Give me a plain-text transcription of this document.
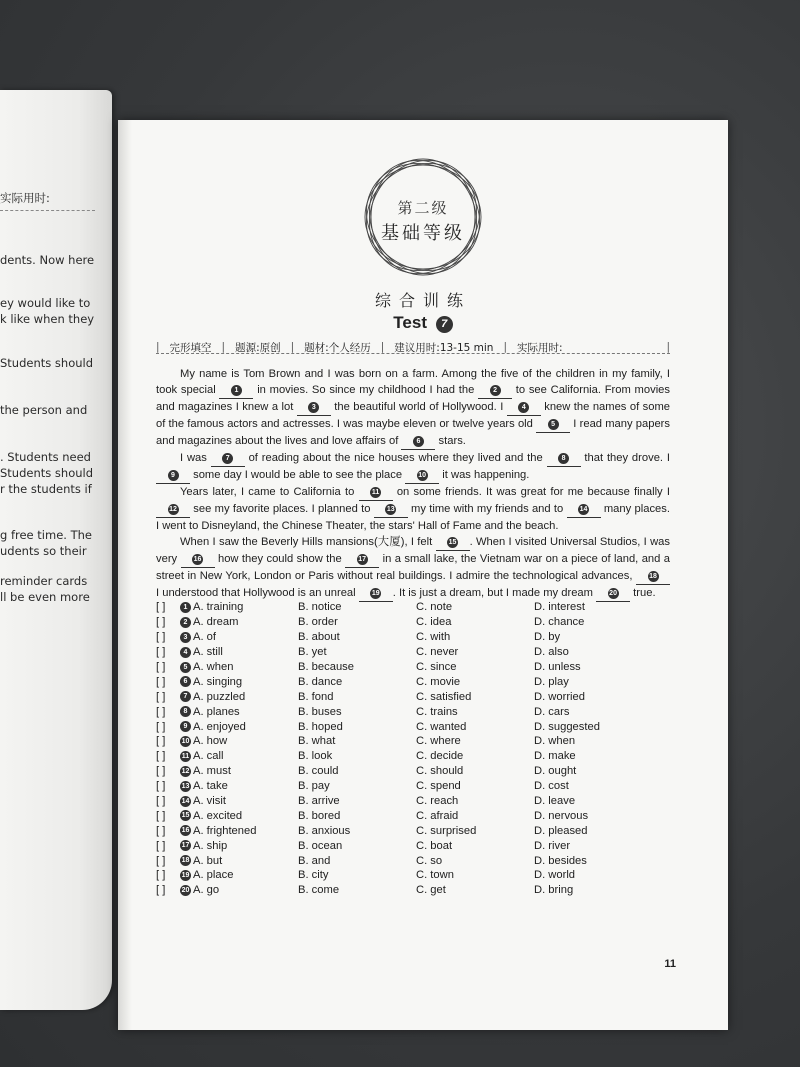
实际用时:
dents. Now here
ey would like to
k like when they
Students should
the person and
. Students need
Students should
r the students if
g free time. The
udents so their
reminder cards
ll be even more
第二级
基础等级
综合训练
Test 7
| 完形填空 | 题源:原创 | 题材:个人经历 | 建议用时:13-15 min | 实际用时:	|

My name is Tom Brown and I was born on a farm. Among the five of the children in my family, I took special 1 in movies. So since my childhood I had the 2 to see California. From movies and magazines I knew a lot 3 the beautiful world of Hollywood. I 4 knew the names of some of the famous actors and actresses. I was maybe eleven or twelve years old 5 I read many papers and magazines about the lives and love affairs of 6 stars.

I was 7 of reading about the nice houses where they lived and the 8 that they drove. I 9 some day I would be able to see the place 10 it was happening.

Years later, I came to California to 11 on some friends. It was great for me because finally I 12 see my favorite places. I planned to 13 my time with my friends and to 14 many places. I went to Disneyland, the Chinese Theater, the stars' Hall of Fame and the beach.

When I saw the Beverly Hills mansions(大厦), I felt 15 . When I visited Universal Studios, I was very 16 how they could show the 17 in a small lake, the Vietnam war on a piece of land, and a street in New York, London or Paris without real buildings. I admire the technological advances, 18 I understood that Hollywood is an unreal 19 . It is just a dream, but I made my dream 20 true.

[ ]	1 A. training	B. notice	C. note	D. interest
[ ]	2 A. dream	B. order	C. idea	D. chance
[ ]	3 A. of	B. about	C. with	D. by
[ ]	4 A. still	B. yet	C. never	D. also
[ ]	5 A. when	B. because	C. since	D. unless
[ ]	6 A. singing	B. dance	C. movie	D. play
[ ]	7 A. puzzled	B. fond	C. satisfied	D. worried
[ ]	8 A. planes	B. buses	C. trains	D. cars
[ ]	9 A. enjoyed	B. hoped	C. wanted	D. suggested
[ ]	10 A. how	B. what	C. where	D. when
[ ]	11 A. call	B. look	C. decide	D. make
[ ]	12 A. must	B. could	C. should	D. ought
[ ]	13 A. take	B. pay	C. spend	D. cost
[ ]	14 A. visit	B. arrive	C. reach	D. leave
[ ]	15 A. excited	B. bored	C. afraid	D. nervous
[ ]	16 A. frightened	B. anxious	C. surprised	D. pleased
[ ]	17 A. ship	B. ocean	C. boat	D. river
[ ]	18 A. but	B. and	C. so	D. besides
[ ]	19 A. place	B. city	C. town	D. world
[ ]	20 A. go	B. come	C. get	D. bring
11
